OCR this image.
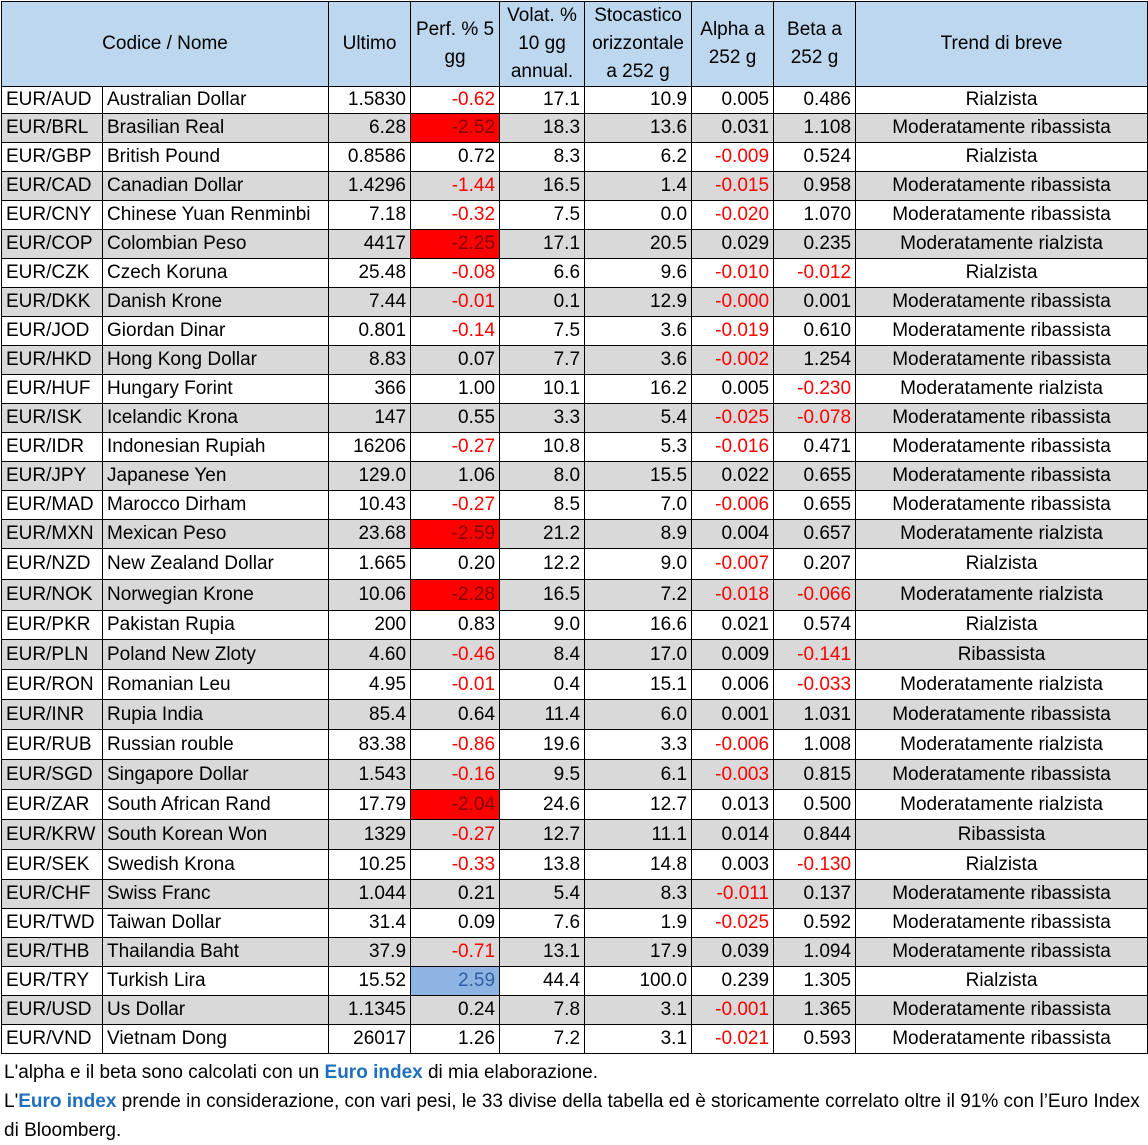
Codice / Nome		Ultimo	Perf. % 5 gg	Volat. % 10 gg annual.	Stocastico orizzontale a 252 g	Alpha a 252 g	Beta a 252 g	Trend di breve
EUR/AUD	Australian Dollar	1.5830	-0.62	17.1	10.9	0.005	0.486	Rialzista
EUR/BRL	Brasilian Real	6.28	-2.52	18.3	13.6	0.031	1.108	Moderatamente ribassista
EUR/GBP	British Pound	0.8586	0.72	8.3	6.2	-0.009	0.524	Rialzista
EUR/CAD	Canadian Dollar	1.4296	-1.44	16.5	1.4	-0.015	0.958	Moderatamente ribassista
EUR/CNY	Chinese Yuan Renminbi	7.18	-0.32	7.5	0.0	-0.020	1.070	Moderatamente ribassista
EUR/COP	Colombian Peso	4417	-2.25	17.1	20.5	0.029	0.235	Moderatamente rialzista
EUR/CZK	Czech Koruna	25.48	-0.08	6.6	9.6	-0.010	-0.012	Rialzista
EUR/DKK	Danish Krone	7.44	-0.01	0.1	12.9	-0.000	0.001	Moderatamente ribassista
EUR/JOD	Giordan Dinar	0.801	-0.14	7.5	3.6	-0.019	0.610	Moderatamente ribassista
EUR/HKD	Hong Kong Dollar	8.83	0.07	7.7	3.6	-0.002	1.254	Moderatamente ribassista
EUR/HUF	Hungary Forint	366	1.00	10.1	16.2	0.005	-0.230	Moderatamente rialzista
EUR/ISK	Icelandic Krona	147	0.55	3.3	5.4	-0.025	-0.078	Moderatamente ribassista
EUR/IDR	Indonesian Rupiah	16206	-0.27	10.8	5.3	-0.016	0.471	Moderatamente ribassista
EUR/JPY	Japanese Yen	129.0	1.06	8.0	15.5	0.022	0.655	Moderatamente ribassista
EUR/MAD	Marocco Dirham	10.43	-0.27	8.5	7.0	-0.006	0.655	Moderatamente ribassista
EUR/MXN	Mexican Peso	23.68	-2.59	21.2	8.9	0.004	0.657	Moderatamente rialzista
EUR/NZD	New Zealand Dollar	1.665	0.20	12.2	9.0	-0.007	0.207	Rialzista
EUR/NOK	Norwegian Krone	10.06	-2.28	16.5	7.2	-0.018	-0.066	Moderatamente rialzista
EUR/PKR	Pakistan Rupia	200	0.83	9.0	16.6	0.021	0.574	Rialzista
EUR/PLN	Poland New Zloty	4.60	-0.46	8.4	17.0	0.009	-0.141	Ribassista
EUR/RON	Romanian Leu	4.95	-0.01	0.4	15.1	0.006	-0.033	Moderatamente rialzista
EUR/INR	Rupia India	85.4	0.64	11.4	6.0	0.001	1.031	Moderatamente ribassista
EUR/RUB	Russian rouble	83.38	-0.86	19.6	3.3	-0.006	1.008	Moderatamente rialzista
EUR/SGD	Singapore Dollar	1.543	-0.16	9.5	6.1	-0.003	0.815	Moderatamente ribassista
EUR/ZAR	South African Rand	17.79	-2.04	24.6	12.7	0.013	0.500	Moderatamente rialzista
EUR/KRW	South Korean Won	1329	-0.27	12.7	11.1	0.014	0.844	Ribassista
EUR/SEK	Swedish Krona	10.25	-0.33	13.8	14.8	0.003	-0.130	Rialzista
EUR/CHF	Swiss Franc	1.044	0.21	5.4	8.3	-0.011	0.137	Moderatamente ribassista
EUR/TWD	Taiwan Dollar	31.4	0.09	7.6	1.9	-0.025	0.592	Moderatamente ribassista
EUR/THB	Thailandia Baht	37.9	-0.71	13.1	17.9	0.039	1.094	Moderatamente ribassista
EUR/TRY	Turkish Lira	15.52	2.59	44.4	100.0	0.239	1.305	Rialzista
EUR/USD	Us Dollar	1.1345	0.24	7.8	3.1	-0.001	1.365	Moderatamente ribassista
EUR/VND	Vietnam Dong	26017	1.26	7.2	3.1	-0.021	0.593	Moderatamente ribassista
L'alpha e il beta sono calcolati con un Euro index di mia elaborazione.
L'Euro index prende in considerazione, con vari pesi, le 33 divise della tabella ed è storicamente correlato oltre il 91% con l’Euro Index di Bloomberg.
